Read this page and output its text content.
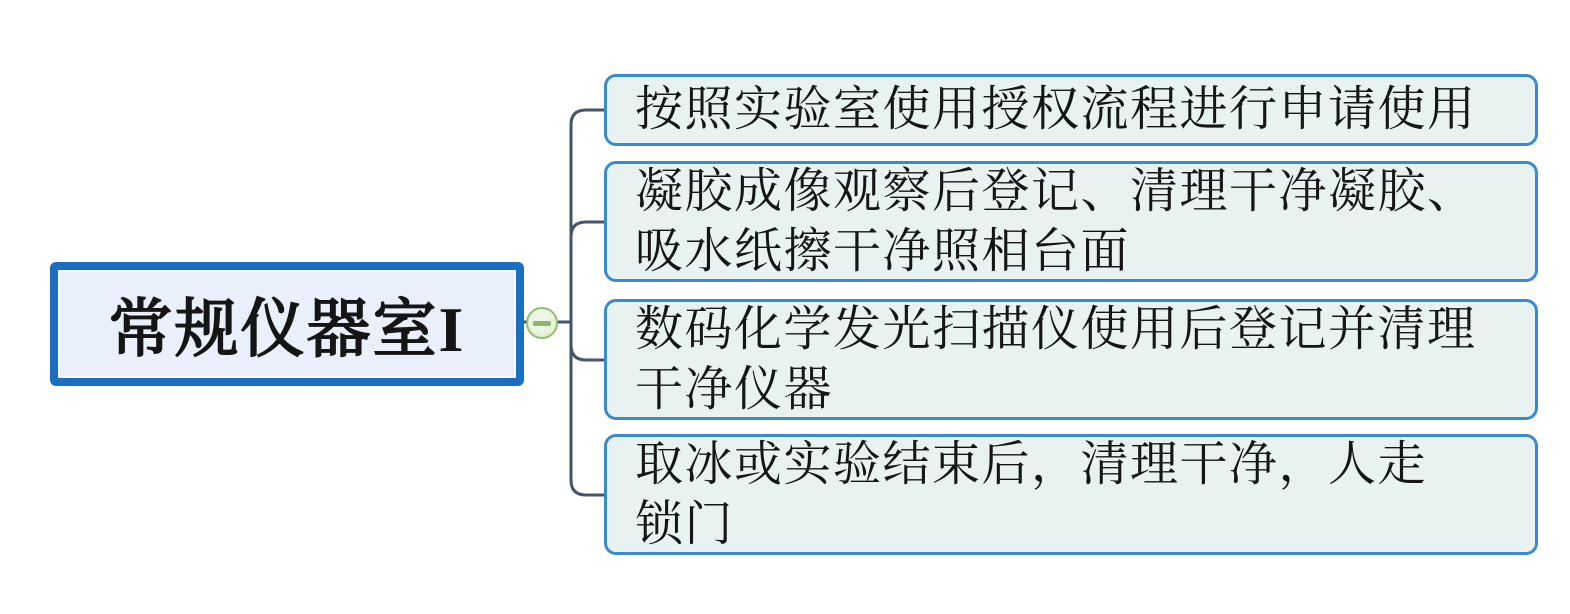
常规仪器室I
按照实验室使用授权流程进行申请使用
凝胶成像观察后登记、清理干净凝胶、
吸水纸擦干净照相台面
数码化学发光扫描仪使用后登记并清理
干净仪器
取冰或实验结束后，清理干净，人走
锁门
